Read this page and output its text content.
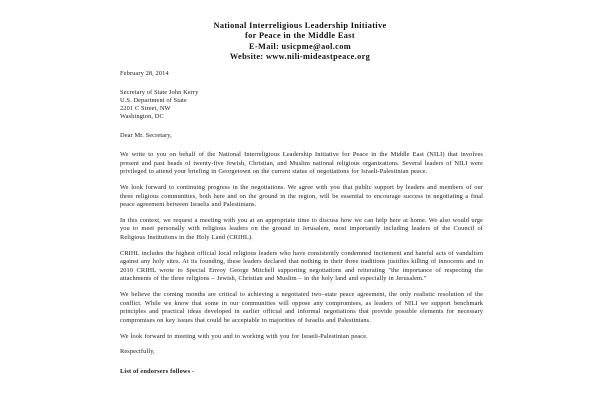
National Interreligious Leadership Initiative
for Peace in the Middle East
E-Mail: usicpme@aol.com
Website: www.nili-mideastpeace.org

February 28, 2014

Secretary of State John Kerry
U.S. Department of State
2201 C Street, NW
Washington, DC

Dear Mr. Secretary,

We write to you on behalf of the National Interreligious Leadership Initiative for Peace in the Middle East (NILI) that involves present and past heads of twenty-five Jewish, Christian, and Muslim national religious organizations. Several leaders of NILI were privileged to attend your briefing in Georgetown on the current status of negotiations for Israeli-Palestinian peace.

We look forward to continuing progress in the negotiations. We agree with you that public support by leaders and members of our three religious communities, both here and on the ground in the region, will be essential to encourage success in negotiating a final peace agreement between Israelis and Palestinians.

In this context, we request a meeting with you at an appropriate time to discuss how we can help here at home. We also would urge you to meet personally with religious leaders on the ground in Jerusalem, most importantly including leaders of the Council of Religious Institutions in the Holy Land (CRIHL).

CRIHL includes the highest official local religious leaders who have consistently condemned incitement and hateful acts of vandalism against any holy sites. At its founding, these leaders declared that nothing in their three traditions justifies killing of innocents and in 2010 CRIHL wrote to Special Envoy George Mitchell supporting negotiations and reiterating "the importance of respecting the attachments of the three religions – Jewish, Christian and Muslim – in the holy land and especially in Jerusalem."

We believe the coming months are critical to achieving a negotiated two–state peace agreement, the only realistic resolution of the conflict. While we know that some in our communities will oppose any compromises, as leaders of NILI we support benchmark principles and practical ideas developed in earlier official and informal negotiations that provide possible elements for necessary compromises on key issues that could be acceptable to majorities of Israelis and Palestinians.

We look forward to meeting with you and to working with you for Israeli-Palestinian peace.

Respectfully,

List of endorsers follows -
